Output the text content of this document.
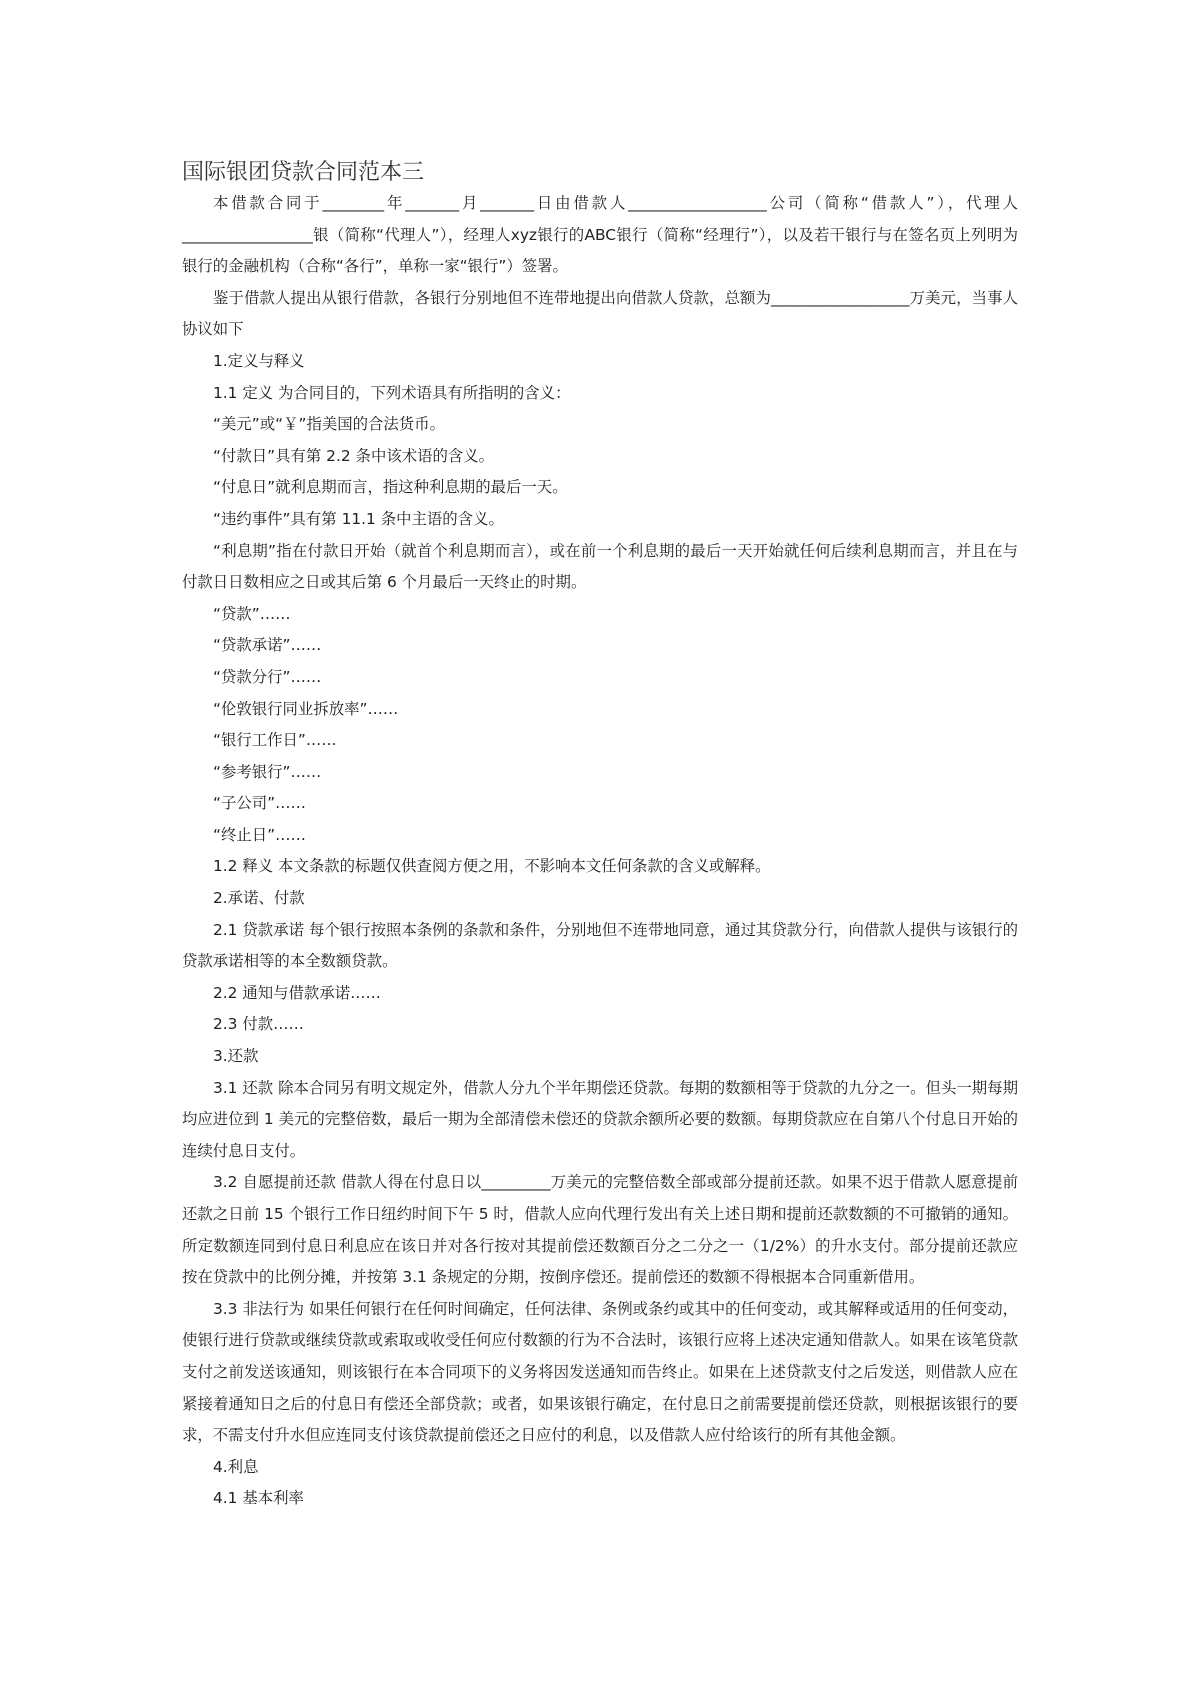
国际银团贷款合同范本三

本借款合同于________年_______月_______日由借款人__________________公司（简称“借款人”），代理人_________________银（简称“代理人”），经理人xyz银行的ABC银行（简称“经理行”），以及若干银行与在签名页上列明为银行的金融机构（合称“各行”，单称一家“银行”）签署。

鉴于借款人提出从银行借款，各银行分别地但不连带地提出向借款人贷款，总额为__________________万美元，当事人协议如下

1.定义与释义

1.1 定义 为合同目的，下列术语具有所指明的含义：

“美元”或“￥”指美国的合法货币。

“付款日”具有第 2.2 条中该术语的含义。

“付息日”就利息期而言，指这种利息期的最后一天。

“违约事件”具有第 11.1 条中主语的含义。

“利息期”指在付款日开始（就首个利息期而言），或在前一个利息期的最后一天开始就任何后续利息期而言，并且在与付款日日数相应之日或其后第 6 个月最后一天终止的时期。

“贷款”……

“贷款承诺”……

“贷款分行”……

“伦敦银行同业拆放率”……

“银行工作日”……

“参考银行”……

“子公司”……

“终止日”……

1.2 释义 本文条款的标题仅供查阅方便之用，不影响本文任何条款的含义或解释。

2.承诺、付款

2.1 贷款承诺 每个银行按照本条例的条款和条件，分别地但不连带地同意，通过其贷款分行，向借款人提供与该银行的贷款承诺相等的本全数额贷款。

2.2 通知与借款承诺……

2.3 付款……

3.还款

3.1 还款 除本合同另有明文规定外，借款人分九个半年期偿还贷款。每期的数额相等于贷款的九分之一。但头一期每期均应进位到 1 美元的完整倍数，最后一期为全部清偿未偿还的贷款余额所必要的数额。每期贷款应在自第八个付息日开始的连续付息日支付。

3.2 自愿提前还款 借款人得在付息日以_________万美元的完整倍数全部或部分提前还款。如果不迟于借款人愿意提前还款之日前 15 个银行工作日纽约时间下午 5 时，借款人应向代理行发出有关上述日期和提前还款数额的不可撤销的通知。所定数额连同到付息日利息应在该日并对各行按对其提前偿还数额百分之二分之一（1/2%）的升水支付。部分提前还款应按在贷款中的比例分摊，并按第 3.1 条规定的分期，按倒序偿还。提前偿还的数额不得根据本合同重新借用。

3.3 非法行为 如果任何银行在任何时间确定，任何法律、条例或条约或其中的任何变动，或其解释或适用的任何变动，使银行进行贷款或继续贷款或索取或收受任何应付数额的行为不合法时，该银行应将上述决定通知借款人。如果在该笔贷款支付之前发送该通知，则该银行在本合同项下的义务将因发送通知而告终止。如果在上述贷款支付之后发送，则借款人应在紧接着通知日之后的付息日有偿还全部贷款；或者，如果该银行确定，在付息日之前需要提前偿还贷款，则根据该银行的要求，不需支付升水但应连同支付该贷款提前偿还之日应付的利息，以及借款人应付给该行的所有其他金额。

4.利息

4.1 基本利率
